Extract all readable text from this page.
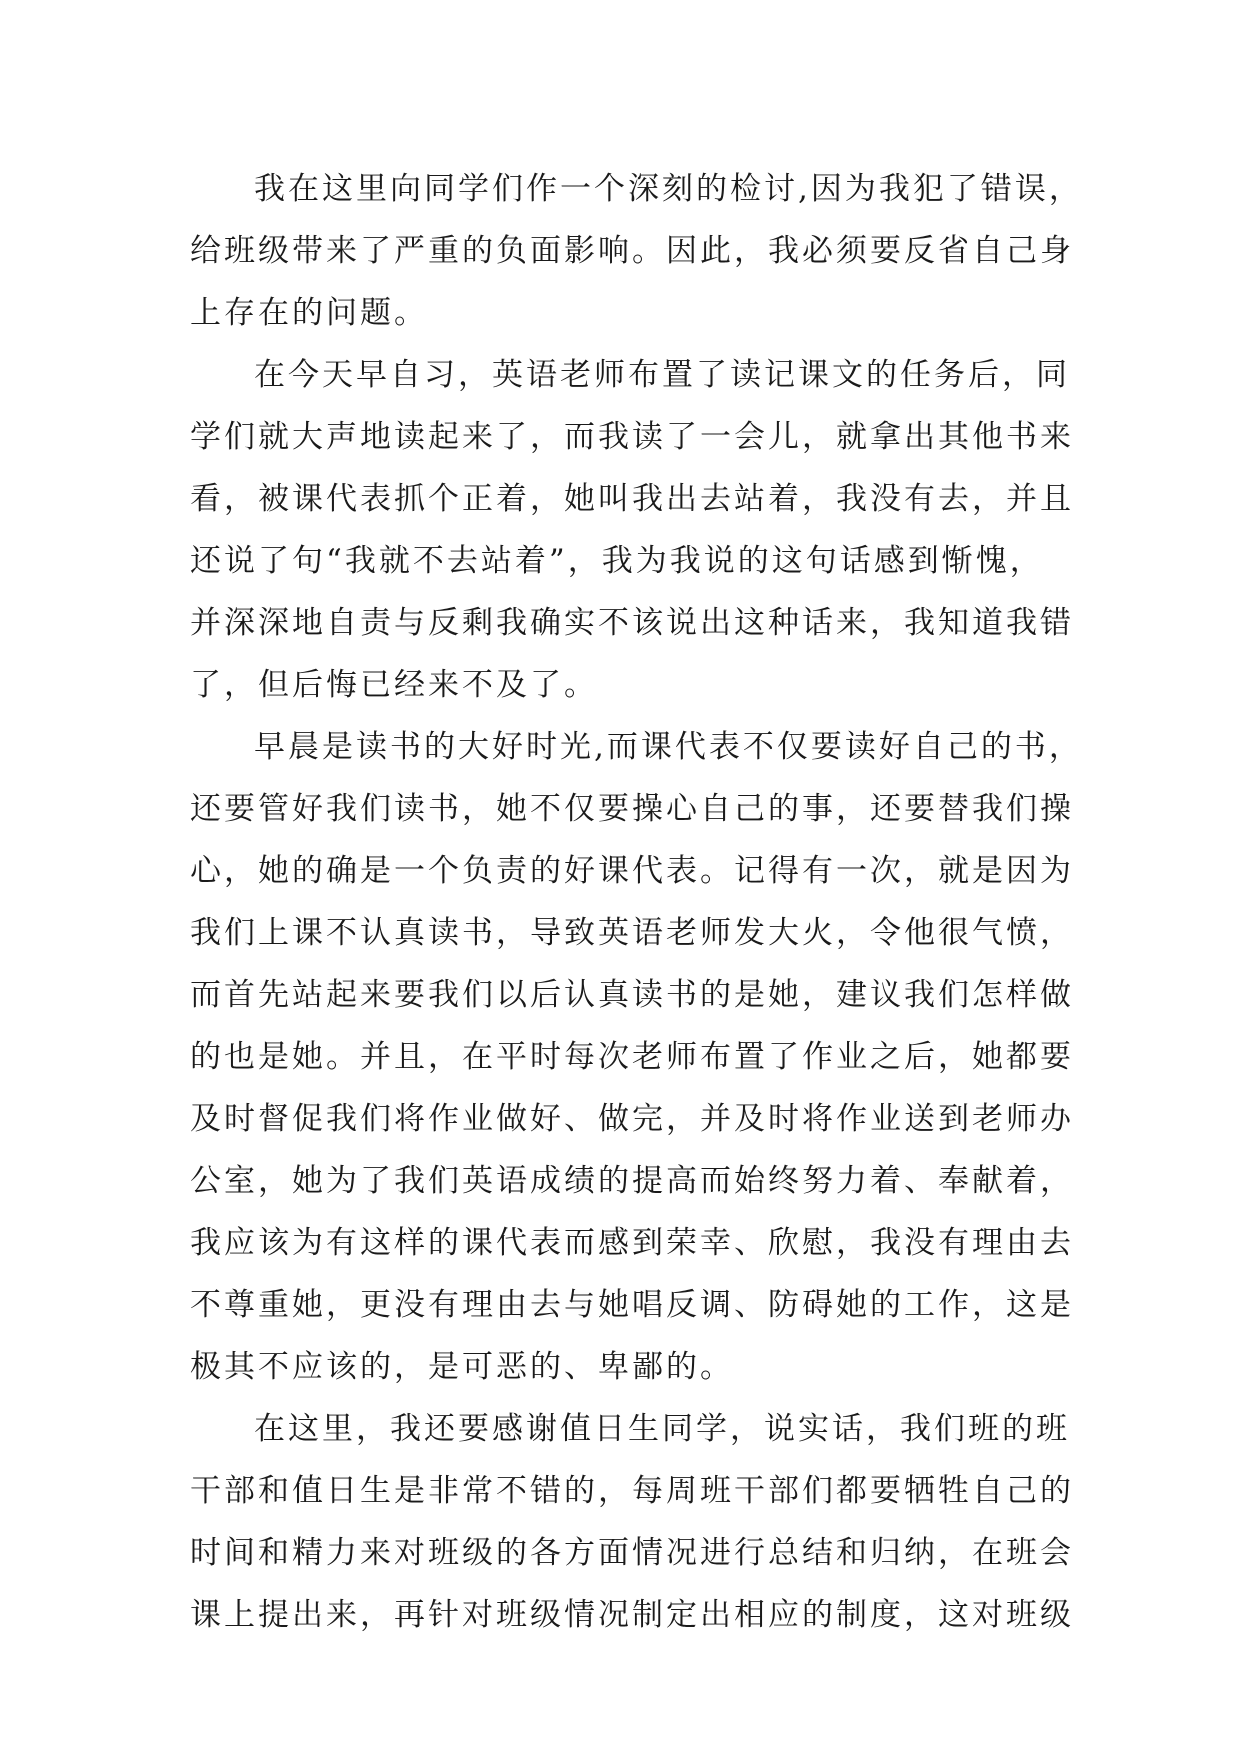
我在这里向同学们作一个深刻的检讨,因为我犯了错误，
给班级带来了严重的负面影响。因此，我必须要反省自己身
上存在的问题。
在今天早自习，英语老师布置了读记课文的任务后，同
学们就大声地读起来了，而我读了一会儿，就拿出其他书来
看，被课代表抓个正着，她叫我出去站着，我没有去，并且
还说了句“我就不去站着”，我为我说的这句话感到惭愧，
并深深地自责与反剩我确实不该说出这种话来，我知道我错
了，但后悔已经来不及了。
早晨是读书的大好时光,而课代表不仅要读好自己的书，
还要管好我们读书，她不仅要操心自己的事，还要替我们操
心，她的确是一个负责的好课代表。记得有一次，就是因为
我们上课不认真读书，导致英语老师发大火，令他很气愤，
而首先站起来要我们以后认真读书的是她，建议我们怎样做
的也是她。并且，在平时每次老师布置了作业之后，她都要
及时督促我们将作业做好、做完，并及时将作业送到老师办
公室，她为了我们英语成绩的提高而始终努力着、奉献着，
我应该为有这样的课代表而感到荣幸、欣慰，我没有理由去
不尊重她，更没有理由去与她唱反调、防碍她的工作，这是
极其不应该的，是可恶的、卑鄙的。
在这里，我还要感谢值日生同学，说实话，我们班的班
干部和值日生是非常不错的，每周班干部们都要牺牲自己的
时间和精力来对班级的各方面情况进行总结和归纳，在班会
课上提出来，再针对班级情况制定出相应的制度，这对班级
